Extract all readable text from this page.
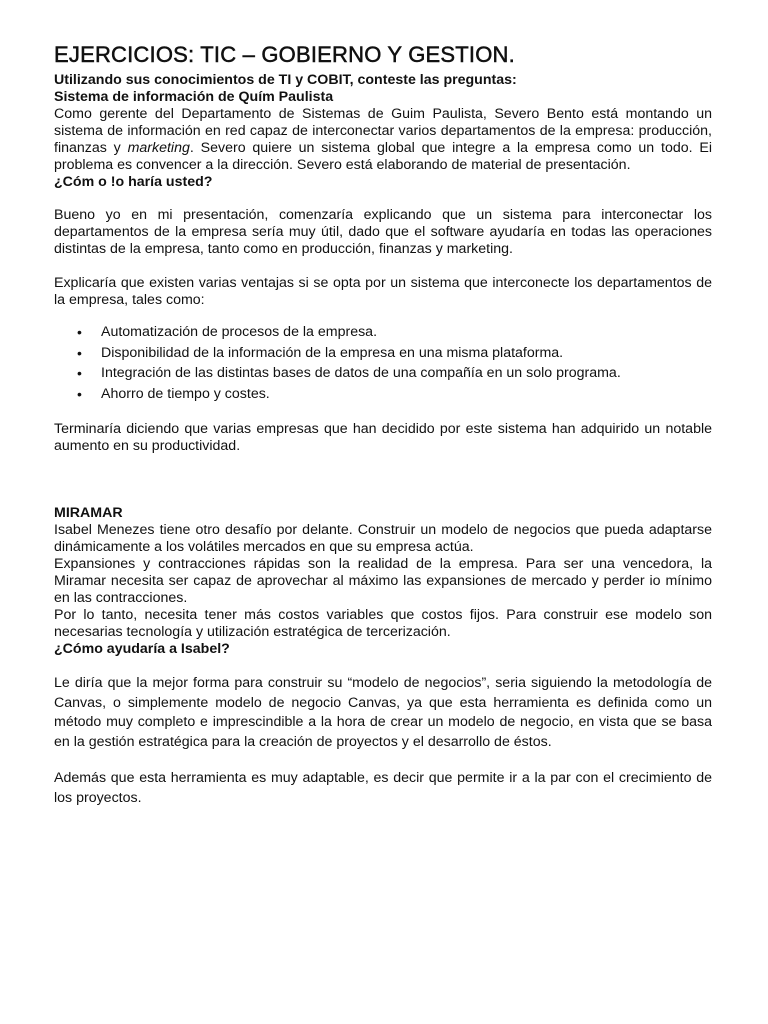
EJERCICIOS: TIC – GOBIERNO Y GESTION.

Utilizando sus conocimientos de TI y COBIT, conteste las preguntas:

Sistema de información de Quím Paulista

Como gerente del Departamento de Sistemas de Guim Paulista, Severo Bento está montando un sistema de información en red capaz de interconectar varios departamentos de la empresa: producción, finanzas y marketing. Severo quiere un sistema global que integre a la empresa como un todo. Ei problema es convencer a la dirección. Severo está elaborando de material de presentación.

¿Cóm o !o haría usted?

Bueno yo en mi presentación, comenzaría explicando que un sistema para interconectar los departamentos de la empresa sería muy útil, dado que el software ayudaría en todas las operaciones distintas de la empresa, tanto como en producción, finanzas y marketing.

Explicaría que existen varias ventajas si se opta por un sistema que interconecte los departamentos de la empresa, tales como:

• Automatización de procesos de la empresa.
• Disponibilidad de la información de la empresa en una misma plataforma.
• Integración de las distintas bases de datos de una compañía en un solo programa.
• Ahorro de tiempo y costes.

Terminaría diciendo que varias empresas que han decidido por este sistema han adquirido un notable aumento en su productividad.

MIRAMAR

Isabel Menezes tiene otro desafío por delante. Construir un modelo de negocios que pueda adaptarse dinámicamente a los volátiles mercados en que su empresa actúa.

Expansiones y contracciones rápidas son la realidad de la empresa. Para ser una vencedora, la Miramar necesita ser capaz de aprovechar al máximo las expansiones de mercado y perder io mínimo en las contracciones.

Por lo tanto, necesita tener más costos variables que costos fijos. Para construir ese modelo son necesarias tecnología y utilización estratégica de tercerización.

¿Cómo ayudaría a Isabel?

Le diría que la mejor forma para construir su “modelo de negocios”, seria siguiendo la metodología de Canvas, o simplemente modelo de negocio Canvas, ya que esta herramienta es definida como un método muy completo e imprescindible a la hora de crear un modelo de negocio, en vista que se basa en la gestión estratégica para la creación de proyectos y el desarrollo de éstos.

Además que esta herramienta es muy adaptable, es decir que permite ir a la par con el crecimiento de los proyectos.
